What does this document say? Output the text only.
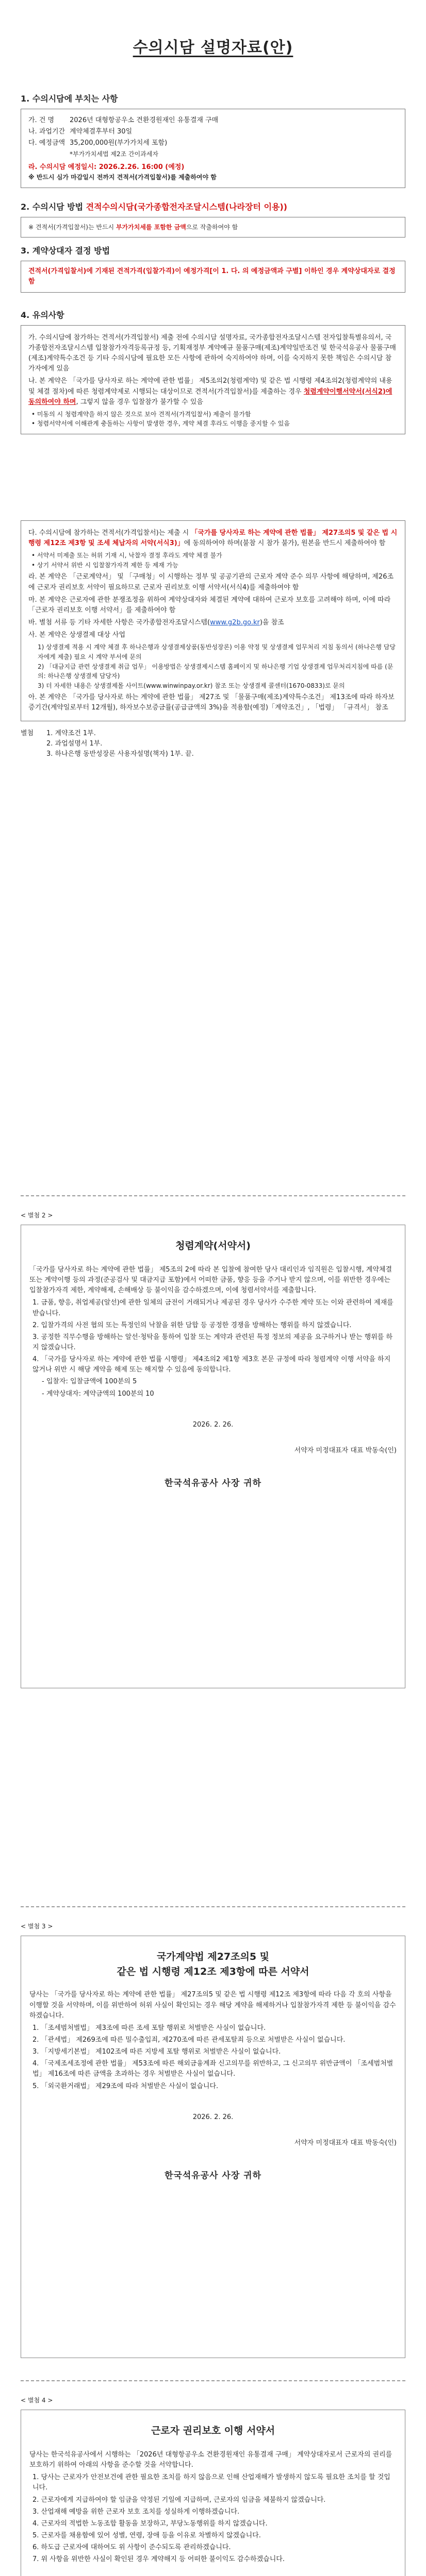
수의시담 설명자료(안)
1. 수의시담에 부치는 사항
가. 건 명	2026년 대형항공우소 견환경원재인 유통결재 구매
나. 과업기간 계약체결후부터 30일
다. 예정금액 35,200,000원(부가가치세 포함)
*부가가치세법 제2조 간이과세자
라. 수의시담 예정일시: 2026.2.26. 16:00 (예정)
※ 반드시 심가 마감일시 전까지 견적서(가격입찰서)를 제출하여야 함
2. 수의시담 방법 견적수의시담(국가종합전자조달시스템(나라장터 이용))
※ 견적서(가격입찰서)는 반드시 부가가치세를 포함한 금액으로 작출하여야 함
3. 계약상대자 결정 방법
견적서(가격입찰서)에 기재된 견적가격(입찰가격)이 예정가격[이 1. 다. 의 예정금액과 구별] 이하인 경우 계약상대자로 결정함
4. 유의사항

가. 수의시담에 참가하는 견적서(가격입찰서) 제출 전에 수의시담 설명자료, 국가종합전자조달시스템 전자입찰특별유의서, 국가종합전자조달시스템 입찰참가자격등록규정 등, 기획재정부 계약예규 물품구매(제조)계약일반조건 및 한국석유공사 물품구매(제조)계약특수조건 등 기타 수의시담에 필요한 모든 사항에 관하여 숙지하여야 하며, 이를 숙지하지 못한 책임은 수의시담 참가자에게 있음

나. 본 계약은 「국가를 당사자로 하는 계약에 관한 법률」 제5조의2(청렴계약) 및 같은 법 시행령 제4조의2(청렴계약의 내용 및 체결 절차)에 따른 청렴계약제로 시행되는 대상이므로 견적서(가격입찰서)를 제출하는 경우 청렴계약이행서약서(서식2)에 동의하여야 하며, 그렇지 않을 경우 입찰참가 불가할 수 있음

• 미동의 시 청렴계약을 하지 않은 것으로 보아 견적서(가격입찰서) 제출이 불가함
• 청렴서약서에 이해관계 충돌하는 사항이 발생한 경우, 계약 체결 후라도 이행을 중지할 수 있음

다. 수의시담에 참가하는 견적서(가격입찰서)는 제출 시 「국가를 당사자로 하는 계약에 관한 법률」 제27조의5 및 같은 법 시행령 제12조 제3항 및 조세 체납자의 서약(서식3)」에 동의하여야 하며(불참 시 참가 불가), 원본을 반드시 제출하여야 함

• 서약서 미제출 또는 허위 기재 시, 낙찰자 결정 후라도 계약 체결 불가
• 상기 서약서 위반 시 입찰참가자격 제한 등 제재 가능

라. 본 계약은 「근로계약서」 및 「구매청」이 시행하는 정부 및 공공기관의 근로자 계약 준수 의무 사항에 해당하며, 제26조에 근로자 권리보호 서약이 필요하므로 근로자 권리보호 이행 서약서(서식4)를 제출하여야 함

마. 본 계약은 근로자에 관한 분쟁조정을 위하여 계약상대자와 체결된 계약에 대하여 근로자 보호를 고려해야 하며, 이에 따라 「근로자 권리보호 이행 서약서」를 제출하여야 함

바. 별첨 서류 등 기타 자세한 사항은 국가종합전자조달시스템(www.g2b.go.kr)을 참조

사. 본 계약은 상생결제 대상 사업

1) 상생결제 적용 시 계약 체결 후 하나은행과 상생결제상품(동반성장론) 이용 약정 및 상생결제 업무처리 지침 동의서 (하나은행 담당자에게 제출) 필요 시 계약 부서에 문의
2) 「대금지급 관련 상생결제 취급 업무」 이용방법은 상생결제시스템 홈페이지 및 하나은행 기업 상생결제 업무처리지침에 따름 (문의: 하나은행 상생결제 담당자)
3) 더 자세한 내용은 상생결제몰 사이트(www.winwinpay.or.kr) 참조 또는 상생결제 콜센터(1670-0833)로 문의

아. 본 계약은 「국가를 당사자로 하는 계약에 관한 법률」 제27조 및 「물품구매(제조)계약특수조건」 제13조에 따라 하자보증기간(계약일로부터 12개월), 하자보수보증금률(공급금액의 3%)을 적용함(예정)「계약조건」, 「법령」 「규격서」 참조

별첨	1. 계약조건 1부.
2. 과업설명서 1부.
3. 하나은행 동반성장론 사용자설명(책자) 1부. 끝.
< 별첨 2 >
청렴계약(서약서)

「국가를 당사자로 하는 계약에 관한 법률」 제5조의 2에 따라 본 입찰에 참여한 당사 대리인과 임직원은 입찰시행, 계약체결 또는 계약이행 등의 과정(준공검사 및 대금지급 포함)에서 어떠한 금품, 향응 등을 주거나 받지 않으며, 이를 위반한 경우에는 입찰참가자격 제한, 계약해제, 손해배상 등 불이익을 감수하겠으며, 이에 청렴서약서를 제출합니다.

1. 금품, 향응, 취업제공(알선)에 관한 일체의 금전이 거래되거나 제공된 경우 당사가 수주한 계약 또는 이와 관련하여 제재를 받습니다.
2. 입찰가격의 사전 협의 또는 특정인의 낙찰을 위한 담합 등 공정한 경쟁을 방해하는 행위를 하지 않겠습니다.
3. 공정한 직무수행을 방해하는 알선·청탁을 통하여 입찰 또는 계약과 관련된 특정 정보의 제공을 요구하거나 받는 행위를 하지 않겠습니다.
4. 「국가를 당사자로 하는 계약에 관한 법률 시행령」 제4조의2 제1항 제3호 본문 규정에 따라 청렴계약 이행 서약을 하지 않거나 위반 시 해당 계약을 해제 또는 해지할 수 있음에 동의합니다.
- 입찰자: 입찰금액에 100분의 5
- 계약상대자: 계약금액의 100분의 10
2026. 2. 26.
서약자 미정대표자 대표 박동숙(인)
한국석유공사 사장 귀하
< 별첨 3 >
국가계약법 제27조의5 및
같은 법 시행령 제12조 제3항에 따른 서약서

당사는 「국가를 당사자로 하는 계약에 관한 법률」 제27조의5 및 같은 법 시행령 제12조 제3항에 따라 다음 각 호의 사항을 이행할 것을 서약하며, 이를 위반하여 허위 사실이 확인되는 경우 해당 계약을 해제하거나 입찰참가자격 제한 등 불이익을 감수하겠습니다.

1. 「조세범처벌법」 제3조에 따른 조세 포탈 행위로 처벌받은 사실이 없습니다.
2. 「관세법」 제269조에 따른 밀수출입죄, 제270조에 따른 관세포탈죄 등으로 처벌받은 사실이 없습니다.
3. 「지방세기본법」 제102조에 따른 지방세 포탈 행위로 처벌받은 사실이 없습니다.
4. 「국제조세조정에 관한 법률」 제53조에 따른 해외금융계좌 신고의무를 위반하고, 그 신고의무 위반금액이 「조세범처벌법」 제16조에 따른 금액을 초과하는 경우 처벌받은 사실이 없습니다.
5. 「외국환거래법」 제29조에 따라 처벌받은 사실이 없습니다.
2026. 2. 26.
서약자 미정대표자 대표 박동숙(인)
한국석유공사 사장 귀하
< 별첨 4 >
근로자 권리보호 이행 서약서

당사는 한국석유공사에서 시행하는 「2026년 대형항공우소 견환경원재인 유통결재 구매」 계약상대자로서 근로자의 권리를 보호하기 위하여 아래의 사항을 준수할 것을 서약합니다.

1. 당사는 근로자가 안전보건에 관한 필요한 조치를 하지 않음으로 인해 산업재해가 발생하지 않도록 필요한 조치를 할 것입니다.
2. 근로자에게 지급하여야 할 임금을 약정된 기일에 지급하며, 근로자의 임금을 체불하지 않겠습니다.
3. 산업재해 예방을 위한 근로자 보호 조치를 성실하게 이행하겠습니다.
4. 근로자의 적법한 노동조합 활동을 보장하고, 부당노동행위를 하지 않겠습니다.
5. 근로자를 채용함에 있어 성별, 연령, 장애 등을 이유로 차별하지 않겠습니다.
6. 하도급 근로자에 대하여도 위 사항이 준수되도록 관리하겠습니다.
7. 위 사항을 위반한 사실이 확인된 경우 계약해지 등 어떠한 불이익도 감수하겠습니다.
